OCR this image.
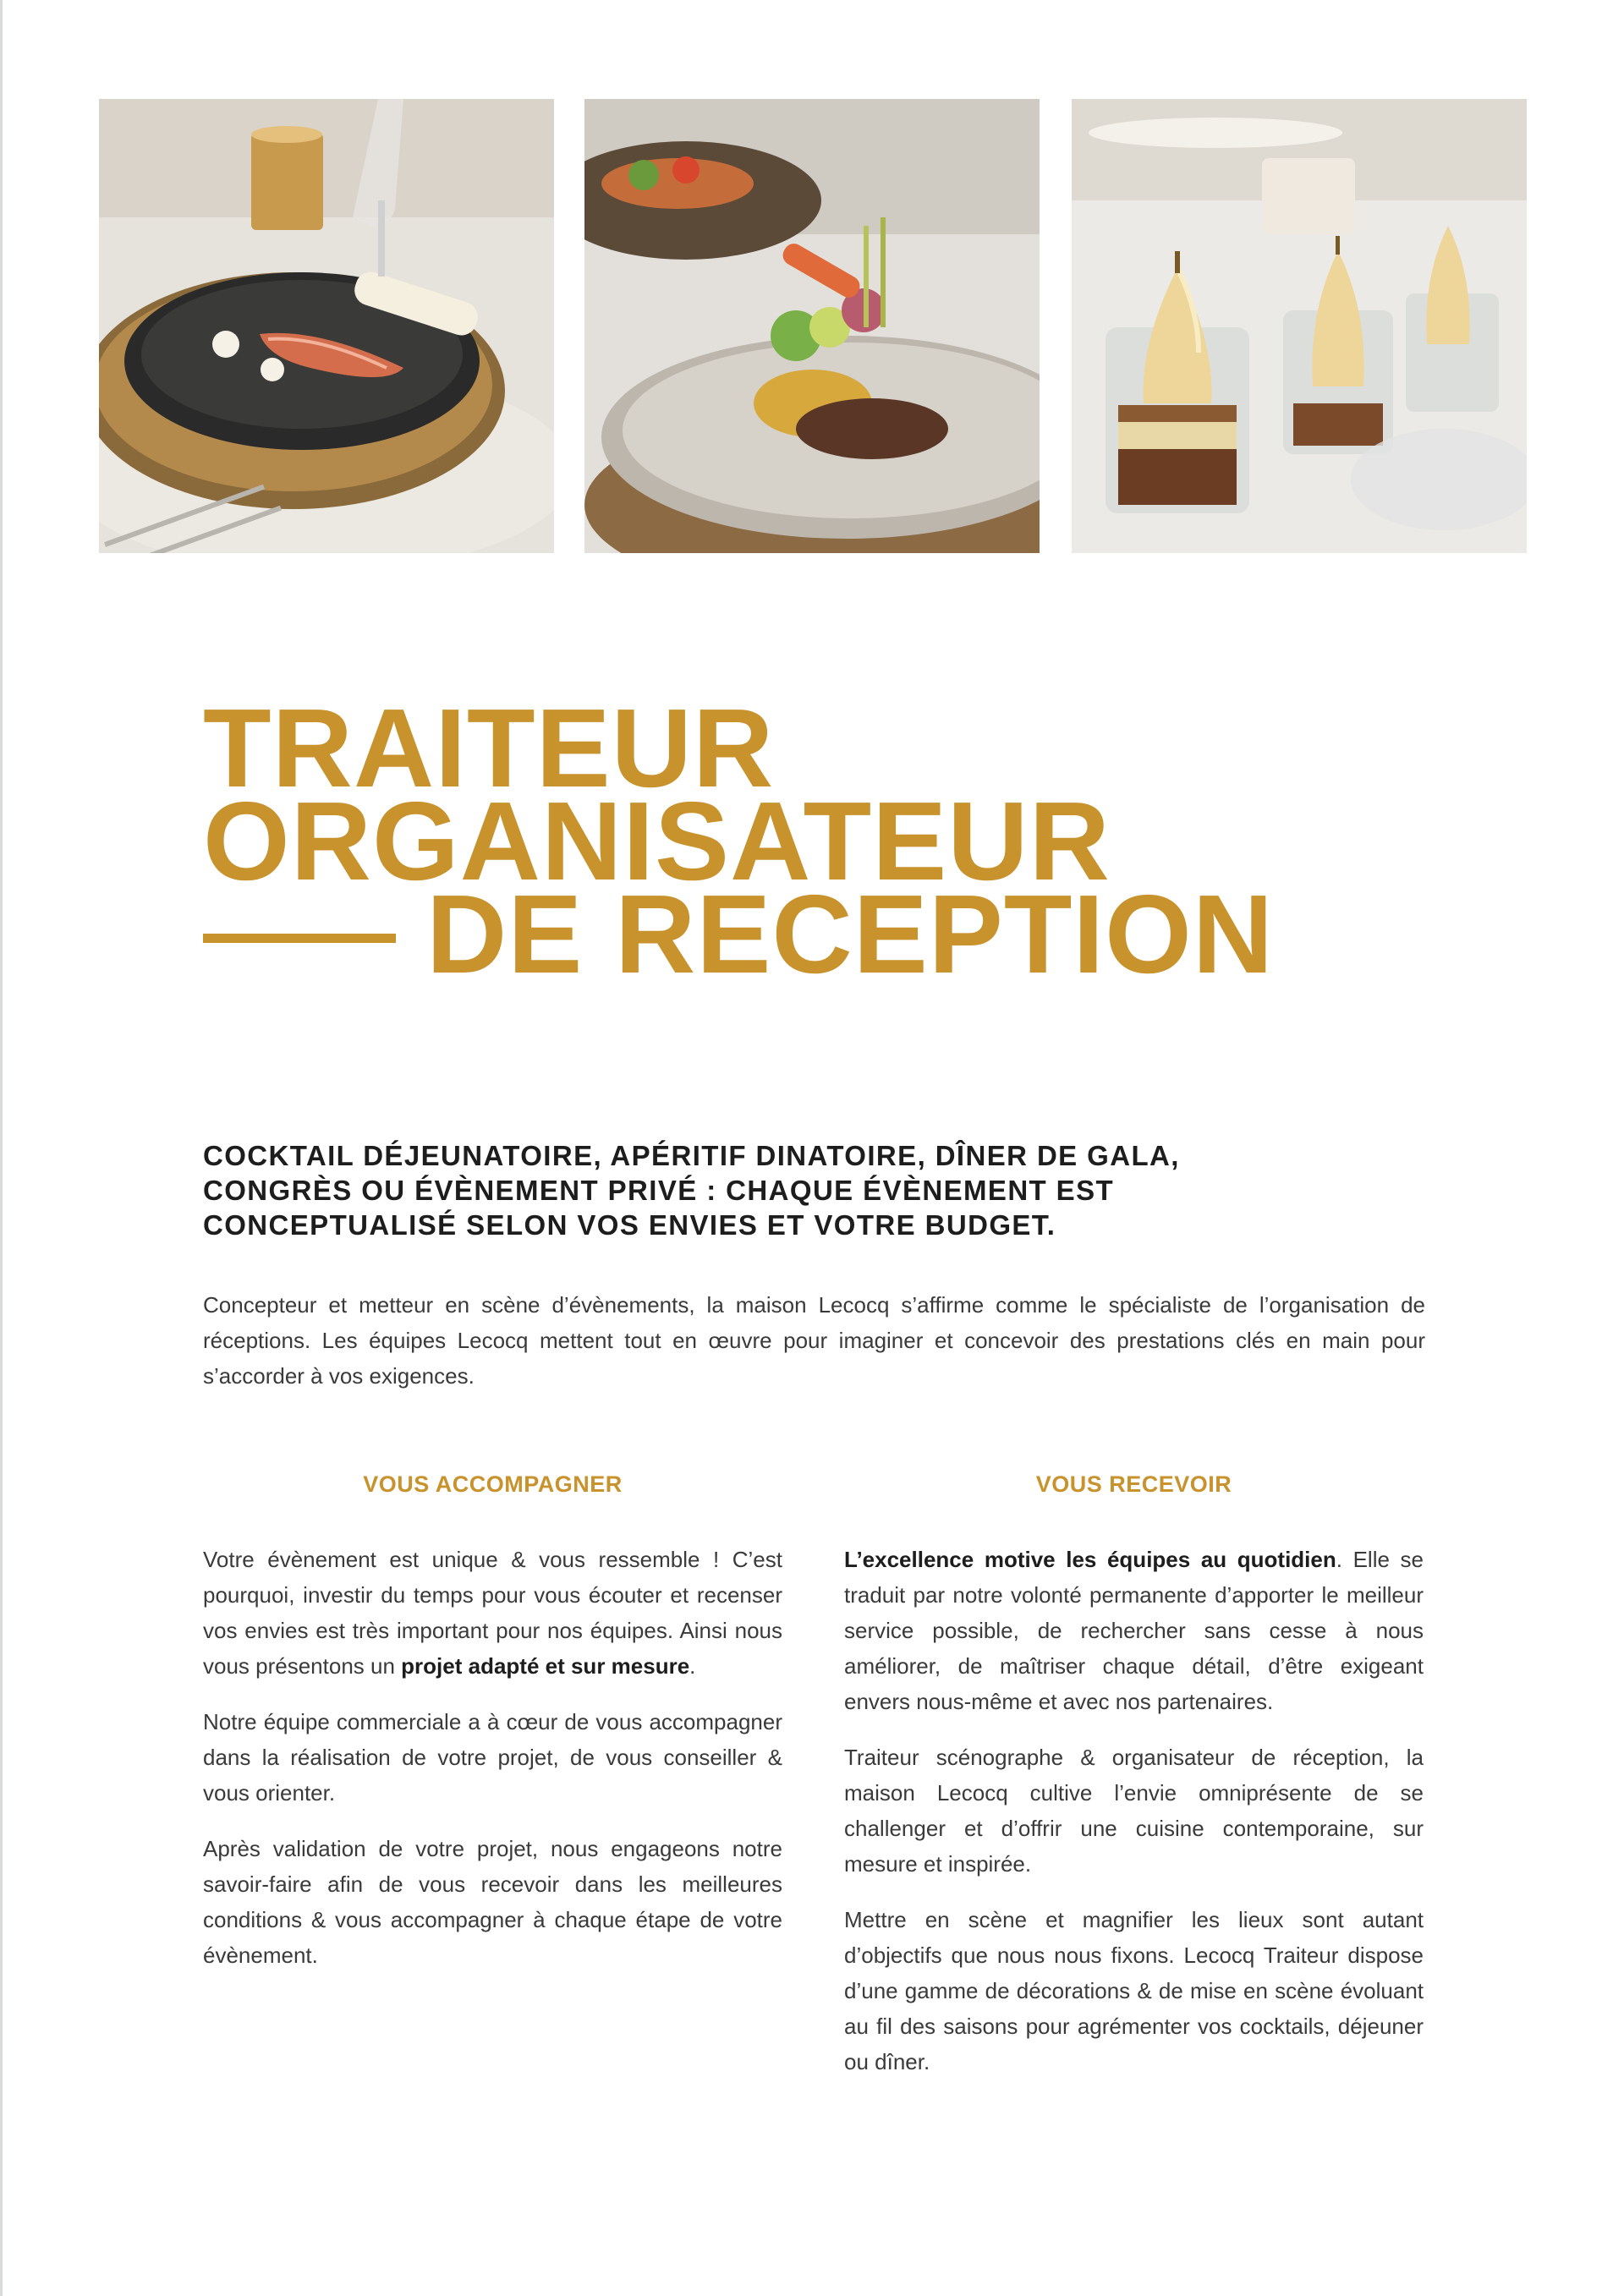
TRAITEUR
ORGANISATEUR
DE RECEPTION
COCKTAIL DÉJEUNATOIRE, APÉRITIF DINATOIRE, DÎNER DE GALA,
CONGRÈS OU ÉVÈNEMENT PRIVÉ : CHAQUE ÉVÈNEMENT EST
CONCEPTUALISÉ SELON VOS ENVIES ET VOTRE BUDGET.

Concepteur et metteur en scène d’évènements, la maison Lecocq s’affirme comme le spécialiste de l’organisation de réceptions. Les équipes Lecocq mettent tout en œuvre pour imaginer et concevoir des prestations clés en main pour s’accorder à vos exigences.

VOUS ACCOMPAGNER

Votre évènement est unique & vous ressemble ! C’est pourquoi, investir du temps pour vous écouter et recenser vos envies est très important pour nos équipes. Ainsi nous vous présentons un projet adapté et sur mesure.

Notre équipe commerciale a à cœur de vous accompagner dans la réalisation de votre projet, de vous conseiller & vous orienter.

Après validation de votre projet, nous engageons notre savoir-faire afin de vous recevoir dans les meilleures conditions & vous accompagner à chaque étape de votre évènement.

VOUS RECEVOIR

L’excellence motive les équipes au quotidien. Elle se traduit par notre volonté permanente d’apporter le meilleur service possible, de rechercher sans cesse à nous améliorer, de maîtriser chaque détail, d’être exigeant envers nous-même et avec nos partenaires.

Traiteur scénographe & organisateur de réception, la maison Lecocq cultive l’envie omniprésente de se challenger et d’offrir une cuisine contemporaine, sur mesure et inspirée.

Mettre en scène et magnifier les lieux sont autant d’objectifs que nous nous fixons. Lecocq Traiteur dispose d’une gamme de décorations & de mise en scène évoluant au fil des saisons pour agrémenter vos cocktails, déjeuner ou dîner.
